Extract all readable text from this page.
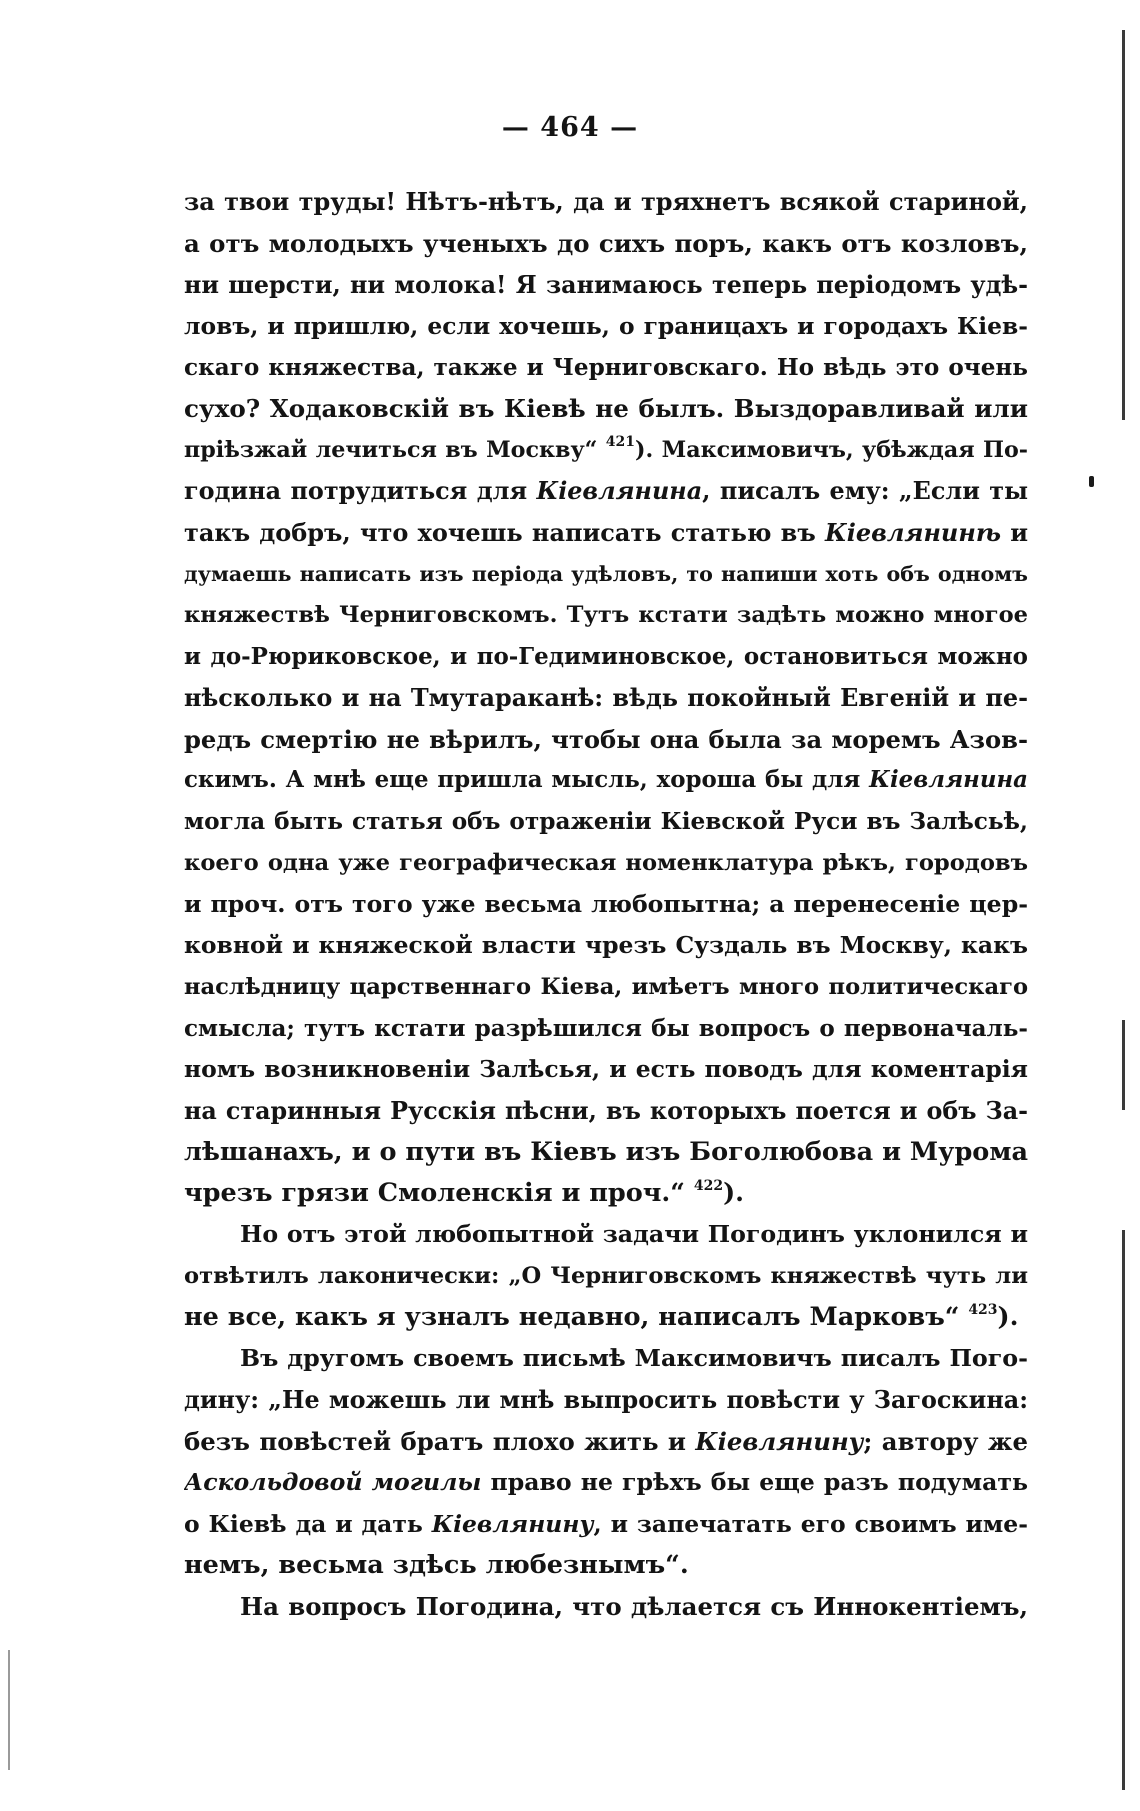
— 464 —
за твои труды! Нѣтъ-нѣтъ, да и тряхнетъ всякой стариной,
а отъ молодыхъ ученыхъ до сихъ поръ, какъ отъ козловъ,
ни шерсти, ни молока! Я занимаюсь теперь періодомъ удѣ-
ловъ, и пришлю, если хочешь, о границахъ и городахъ Кіев-
скаго княжества, также и Черниговскаго. Но вѣдь это очень
сухо? Ходаковскій въ Кіевѣ не былъ. Выздоравливай или
пріѣзжай лечиться въ Москву“ $^{421}$). Максимовичъ, убѣждая По-
година потрудиться для Кіевлянина, писалъ ему: „Если ты
такъ добръ, что хочешь написать статью въ Кіевлянинѣ и
думаешь написать изъ періода удѣловъ, то напиши хоть объ одномъ
княжествѣ Черниговскомъ. Тутъ кстати задѣть можно многое
и до-Рюриковское, и по-Гедиминовское, остановиться можно
нѣсколько и на Тмутараканѣ: вѣдь покойный Евгеній и пе-
редъ смертію не вѣрилъ, чтобы она была за моремъ Азов-
скимъ. А мнѣ еще пришла мысль, хороша бы для Кіевлянина
могла быть статья объ отраженіи Кіевской Руси въ Залѣсьѣ,
коего одна уже географическая номенклатура рѣкъ, городовъ
и проч. отъ того уже весьма любопытна; а перенесеніе цер-
ковной и княжеской власти чрезъ Суздаль въ Москву, какъ
наслѣдницу царственнаго Кіева, имѣетъ много политическаго
смысла; тутъ кстати разрѣшился бы вопросъ о первоначаль-
номъ возникновеніи Залѣсья, и есть поводъ для коментарія
на старинныя Русскія пѣсни, въ которыхъ поется и объ За-
лѣшанахъ, и о пути въ Кіевъ изъ Боголюбова и Мурома
чрезъ грязи Смоленскія и проч.“ $^{422}$).
Но отъ этой любопытной задачи Погодинъ уклонился и
отвѣтилъ лаконически: „О Черниговскомъ княжествѣ чуть ли
не все, какъ я узналъ недавно, написалъ Марковъ“ $^{423}$).
Въ другомъ своемъ письмѣ Максимовичъ писалъ Пого-
дину: „Не можешь ли мнѣ выпросить повѣсти у Загоскина:
безъ повѣстей братъ плохо жить и Кіевлянину; автору же
Аскольдовой могилы право не грѣхъ бы еще разъ подумать
о Кіевѣ да и дать Кіевлянину, и запечатать его своимъ име-
немъ, весьма здѣсь любезнымъ“.
На вопросъ Погодина, что дѣлается съ Иннокентіемъ,
